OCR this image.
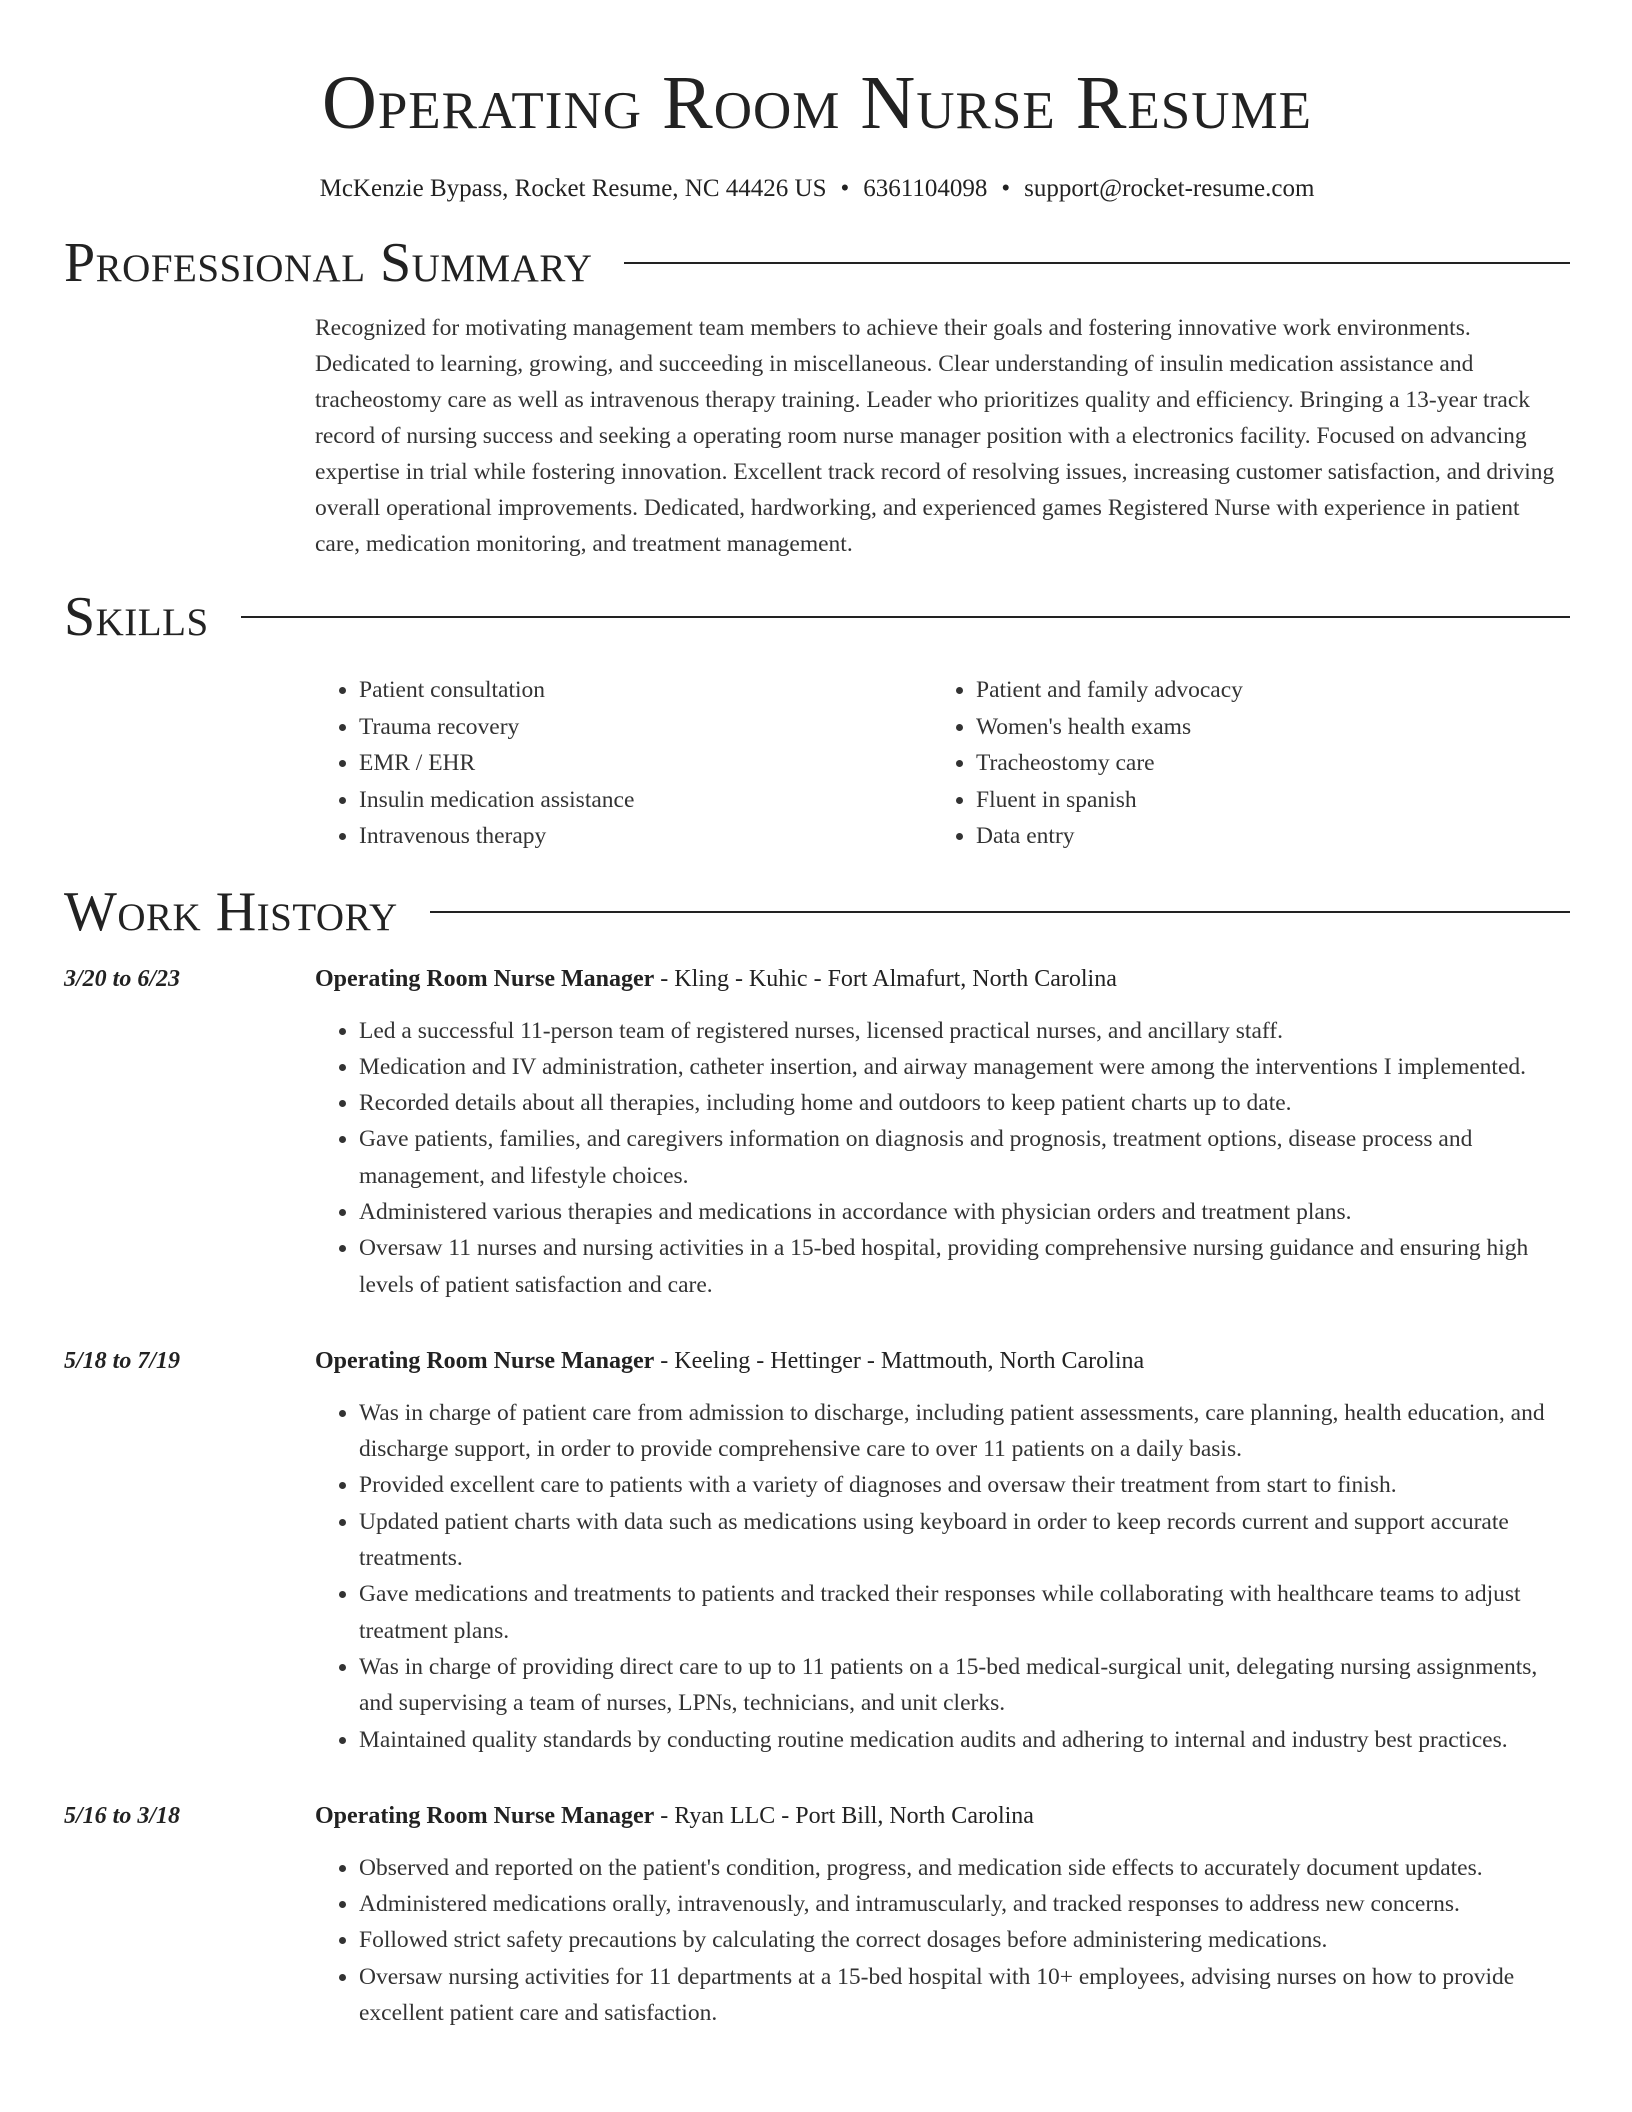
Operating Room Nurse Resume
McKenzie Bypass, Rocket Resume, NC 44426 US • 6361104098 • support@rocket-resume.com
Professional Summary
Recognized for motivating management team members to achieve their goals and fostering innovative work environments. Dedicated to learning, growing, and succeeding in miscellaneous. Clear understanding of insulin medication assistance and tracheostomy care as well as intravenous therapy training. Leader who prioritizes quality and efficiency. Bringing a 13-year track record of nursing success and seeking a operating room nurse manager position with a electronics facility. Focused on advancing expertise in trial while fostering innovation. Excellent track record of resolving issues, increasing customer satisfaction, and driving overall operational improvements. Dedicated, hardworking, and experienced games Registered Nurse with experience in patient care, medication monitoring, and treatment management.
Skills
• Patient consultation
• Trauma recovery
• EMR / EHR
• Insulin medication assistance
• Intravenous therapy
• Patient and family advocacy
• Women's health exams
• Tracheostomy care
• Fluent in spanish
• Data entry
Work History
3/20 to 6/23	Operating Room Nurse Manager - Kling - Kuhic - Fort Almafurt, North Carolina
• Led a successful 11-person team of registered nurses, licensed practical nurses, and ancillary staff.
• Medication and IV administration, catheter insertion, and airway management were among the interventions I implemented.
• Recorded details about all therapies, including home and outdoors to keep patient charts up to date.
• Gave patients, families, and caregivers information on diagnosis and prognosis, treatment options, disease process and management, and lifestyle choices.
• Administered various therapies and medications in accordance with physician orders and treatment plans.
• Oversaw 11 nurses and nursing activities in a 15-bed hospital, providing comprehensive nursing guidance and ensuring high levels of patient satisfaction and care.
5/18 to 7/19	Operating Room Nurse Manager - Keeling - Hettinger - Mattmouth, North Carolina
• Was in charge of patient care from admission to discharge, including patient assessments, care planning, health education, and discharge support, in order to provide comprehensive care to over 11 patients on a daily basis.
• Provided excellent care to patients with a variety of diagnoses and oversaw their treatment from start to finish.
• Updated patient charts with data such as medications using keyboard in order to keep records current and support accurate treatments.
• Gave medications and treatments to patients and tracked their responses while collaborating with healthcare teams to adjust treatment plans.
• Was in charge of providing direct care to up to 11 patients on a 15-bed medical-surgical unit, delegating nursing assignments, and supervising a team of nurses, LPNs, technicians, and unit clerks.
• Maintained quality standards by conducting routine medication audits and adhering to internal and industry best practices.
5/16 to 3/18	Operating Room Nurse Manager - Ryan LLC - Port Bill, North Carolina
• Observed and reported on the patient's condition, progress, and medication side effects to accurately document updates.
• Administered medications orally, intravenously, and intramuscularly, and tracked responses to address new concerns.
• Followed strict safety precautions by calculating the correct dosages before administering medications.
• Oversaw nursing activities for 11 departments at a 15-bed hospital with 10+ employees, advising nurses on how to provide excellent patient care and satisfaction.
